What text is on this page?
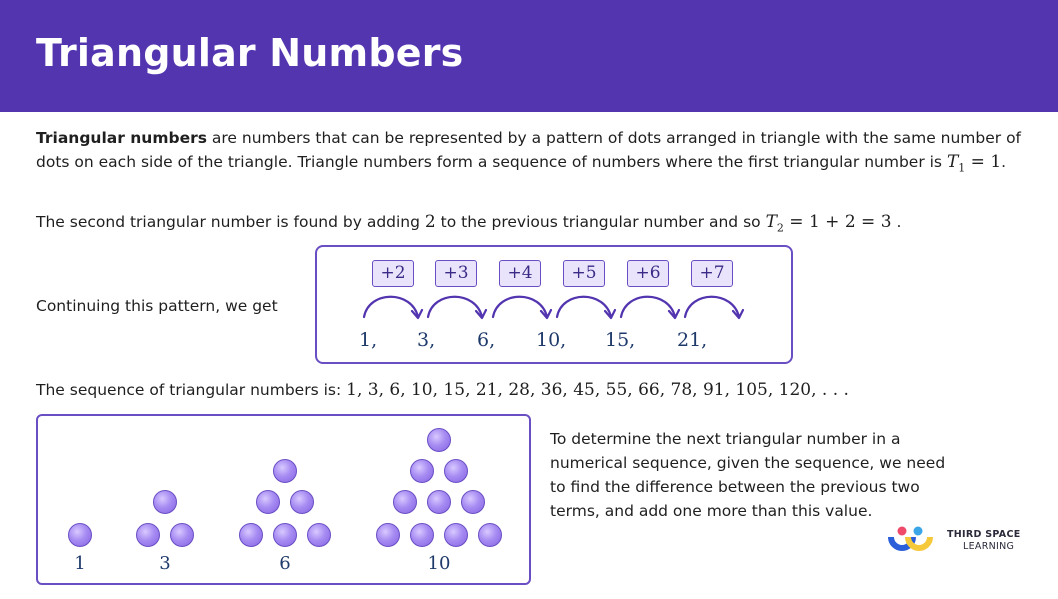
Triangular Numbers

Triangular numbers are numbers that can be represented by a pattern of dots arranged in triangle with the same number of dots on each side of the triangle. Triangle numbers form a sequence of numbers where the first triangular number is $T_1 = 1$.

The second triangular number is found by adding 2 to the previous triangular number and so $T_2 = 1 + 2 = 3$ .

Continuing this pattern, we get

+2	+3	+4	+5	+6	+7
1, 3, 6, 10, 15, 21,

The sequence of triangular numbers is: 1, 3, 6, 10, 15, 21, 28, 36, 45, 55, 66, 78, 91, 105, 120, . . .

1	3	6	10

To determine the next triangular number in a numerical sequence, given the sequence, we need to find the difference between the previous two terms, and add one more than this value.

THIRD SPACE
LEARNING
